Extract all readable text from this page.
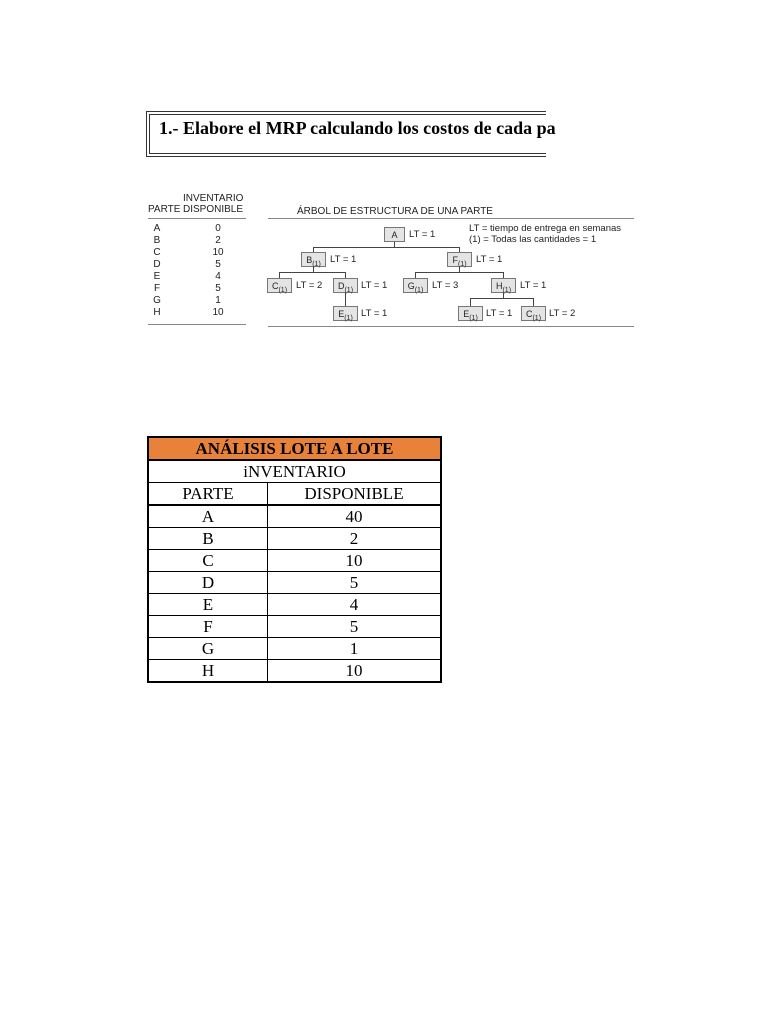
1.- Elabore el MRP calculando los costos de cada pa
INVENTARIO
PARTE DISPONIBLE
A	0
B	2
C	10
D	5
E	4
F	5
G	1
H	10
ÁRBOL DE ESTRUCTURA DE UNA PARTE
LT = tiempo de entrega en semanas
(1) = Todas las cantidades = 1
A	LT = 1
$B_{(1)}$ LT = 1	$F_{(1)}$ LT = 1
$C_{(1)}$ LT = 2	$D_{(1)}$ LT = 1	$G_{(1)}$ LT = 3	$H_{(1)}$ LT = 1
$E_{(1)}$ LT = 1	$E_{(1)}$ LT = 1	$C_{(1)}$ LT = 2
ANÁLISIS LOTE A LOTE	
iNVENTARIO	
PARTE	DISPONIBLE
A	40
B	2
C	10
D	5
E	4
F	5
G	1
H	10
